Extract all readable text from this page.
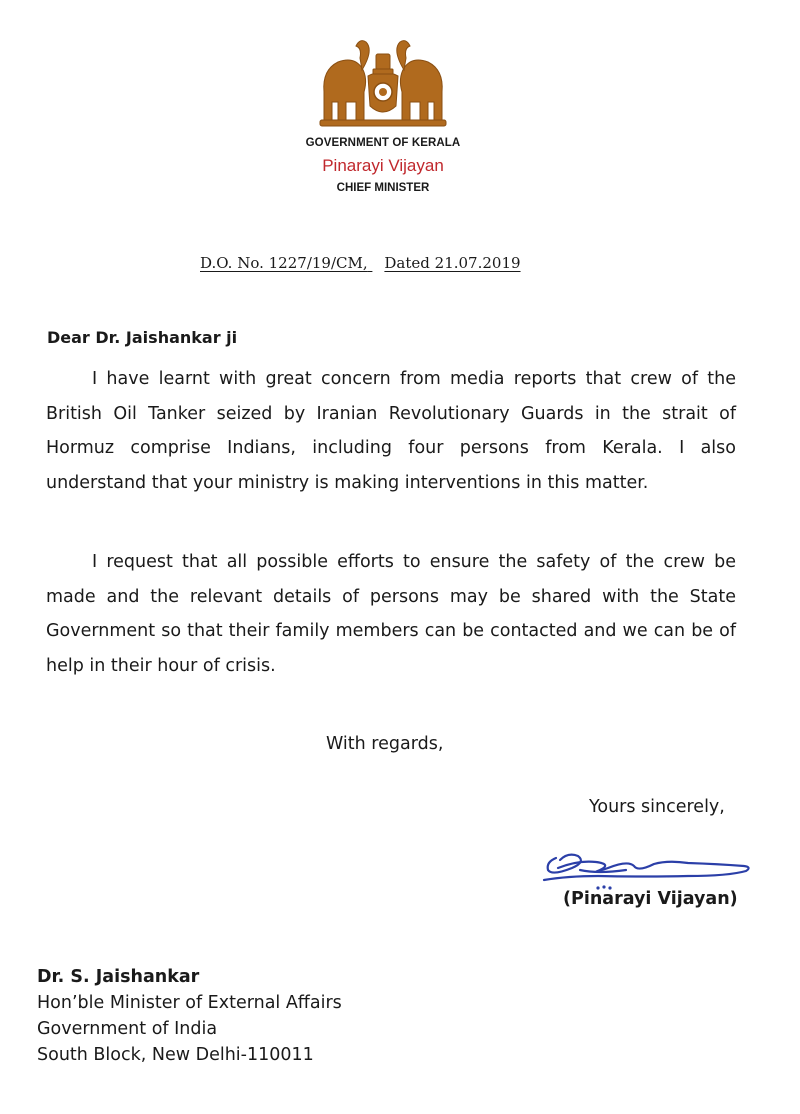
GOVERNMENT OF KERALA
Pinarayi Vijayan
CHIEF MINISTER
D.O. No. 1227/19/CM, Dated 21.07.2019
Dear Dr. Jaishankar ji

I have learnt with great concern from media reports that crew of the British Oil Tanker seized by Iranian Revolutionary Guards in the strait of Hormuz comprise Indians, including four persons from Kerala. I also understand that your ministry is making interventions in this matter.

I request that all possible efforts to ensure the safety of the crew be made and the relevant details of persons may be shared with the State Government so that their family members can be contacted and we can be of help in their hour of crisis.

With regards,
Yours sincerely,
(Pinarayi Vijayan)
Dr. S. Jaishankar
Hon’ble Minister of External Affairs
Government of India
South Block, New Delhi-110011
